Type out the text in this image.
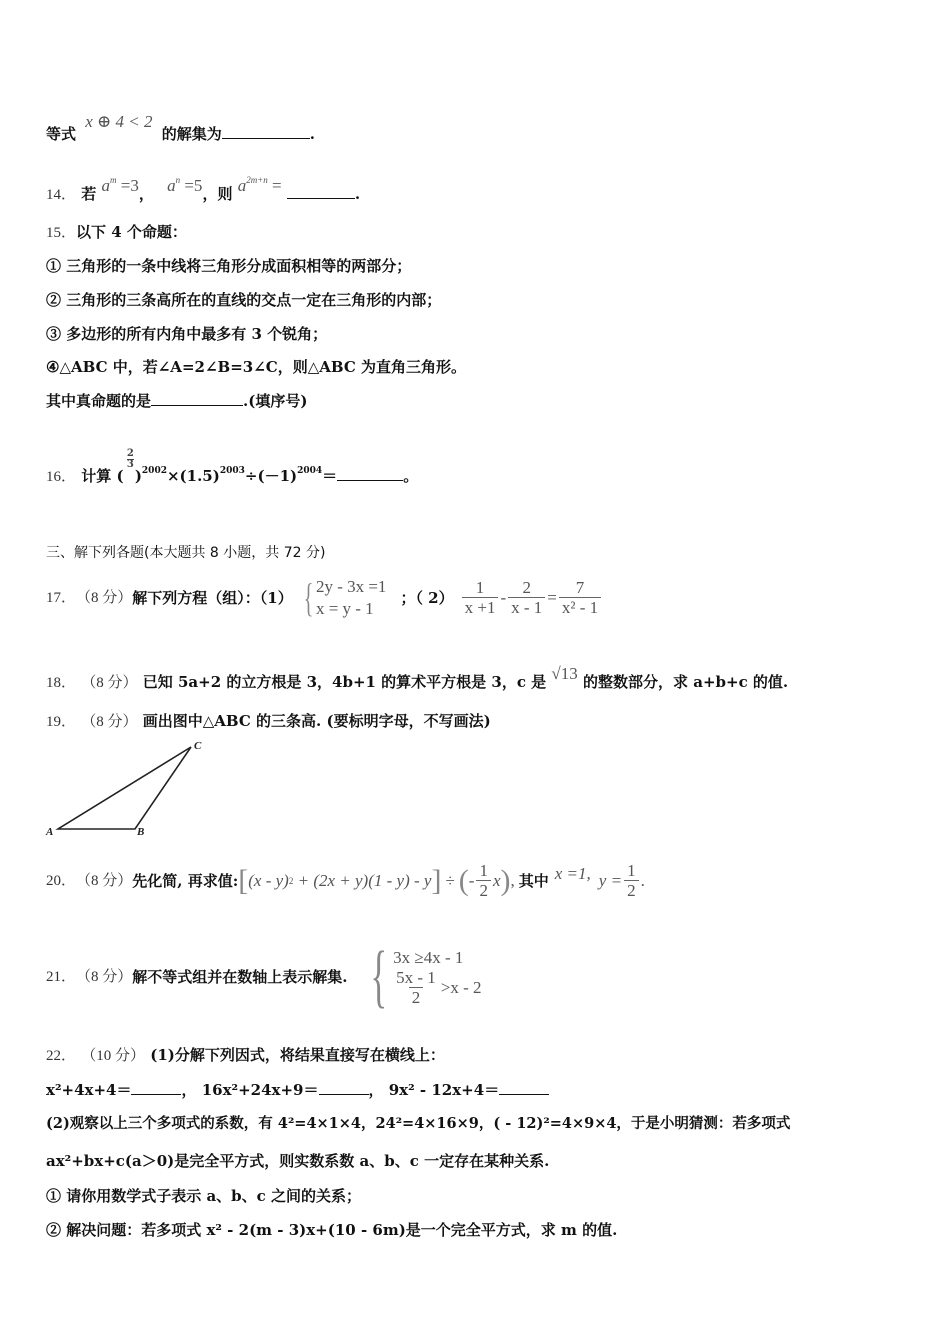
等式 x ⊕ 4 < 2 的解集为	.
14． 若 $a^m =3$， $a^n =5$，则 $a^{2m+n}$ =	.
15．以下 4 个命题：
① 三角形的一条中线将三角形分成面积相等的两部分；
② 三角形的三条高所在的直线的交点一定在三角形的内部；
③ 多边形的所有内角中最多有 3 个锐角；
④△ABC 中，若∠A=2∠B=3∠C，则△ABC 为直角三角形。
其中真命题的是	.(填序号)
16． 计算 (
2
3
)$^{2002}\times(1.5)^{2003}\div(-1)^{2004}=$	。
三、解下列各题(本大题共 8 小题，共 72 分)
17． （8 分） 解下列方程（组）：（1） { 2y - 3x =1
x = y - 1
；（ $2) \frac{1}{x +1} - \frac{2}{x - 1} = \frac{7}{\text{x² - 1}}$
18． （8 分） 已知 5a+2 的立方根是 3，4b+1 的算术平方根是 3，c 是 √13 的整数部分，求 a+b+c 的值.
19． （8 分） 画出图中△ABC 的三条高. (要标明字母，不写画法)
A	B
C
20． （8 分） 先化简, 再求值: [ (x - y) 2 + (2x + y)(1 - y) - y ] ÷ ( - $\frac{1}{2}$ x ) , 其中 x =1, $y = \frac{1}{2}$ .
21． （8 分） 解不等式组并在数轴上表示解集. { 3x ≥4x - 1
$\frac{5x - 1}{2} >x - 2$
22． （10 分） (1)分解下列因式，将结果直接写在横线上：
x²+4x+4＝	， 16x²+24x+9＝	， 9x² - 12x+4＝
(2)观察以上三个多项式的系数，有 4²=4×1×4，24²=4×16×9，( - 12)²=4×9×4，于是小明猜测：若多项式
ax²+bx+c(a＞0)是完全平方式，则实数系数 a、b、c 一定存在某种关系.
① 请你用数学式子表示 a、b、c 之间的关系；
② 解决问题：若多项式 x² - 2(m - 3)x+(10 - 6m)是一个完全平方式，求 m 的值.
